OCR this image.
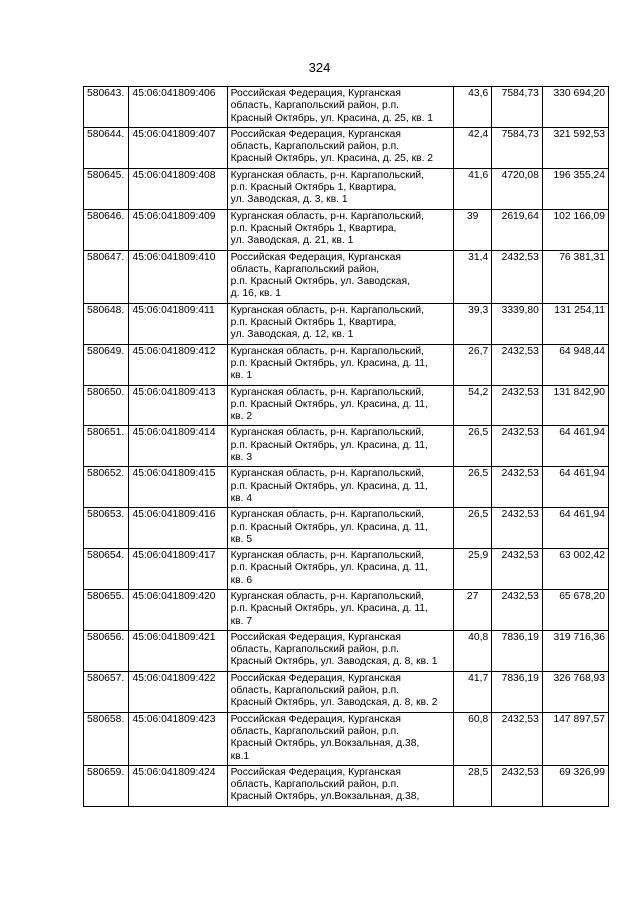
324
580643.	45:06:041809:406	Российская Федерация, Курганская
область, Каргапольский район, р.п.
Красный Октябрь, ул. Красина, д. 25, кв. 1	43,6	7584,73	330 694,20
580644.	45:06:041809:407	Российская Федерация, Курганская
область, Каргапольский район, р.п.
Красный Октябрь, ул. Красина, д. 25, кв. 2	42,4	7584,73	321 592,53
580645.	45:06:041809:408	Курганская область, р-н. Каргапольский,
р.п. Красный Октябрь 1, Квартира,
ул. Заводская, д. 3, кв. 1	41,6	4720,08	196 355,24
580646.	45:06:041809:409	Курганская область, р-н. Каргапольский,
р.п. Красный Октябрь 1, Квартира,
ул. Заводская, д. 21, кв. 1	39	2619,64	102 166,09
580647.	45:06:041809:410	Российская Федерация, Курганская
область, Каргапольский район,
р.п. Красный Октябрь, ул. Заводская,
д. 16, кв. 1	31,4	2432,53	76 381,31
580648.	45:06:041809:411	Курганская область, р-н. Каргапольский,
р.п. Красный Октябрь 1, Квартира,
ул. Заводская, д. 12, кв. 1	39,3	3339,80	131 254,11
580649.	45:06:041809:412	Курганская область, р-н. Каргапольский,
р.п. Красный Октябрь, ул. Красина, д. 11,
кв. 1	26,7	2432,53	64 948,44
580650.	45:06:041809:413	Курганская область, р-н. Каргапольский,
р.п. Красный Октябрь, ул. Красина, д. 11,
кв. 2	54,2	2432,53	131 842,90
580651.	45:06:041809:414	Курганская область, р-н. Каргапольский,
р.п. Красный Октябрь, ул. Красина, д. 11,
кв. 3	26,5	2432,53	64 461,94
580652.	45:06:041809:415	Курганская область, р-н. Каргапольский,
р.п. Красный Октябрь, ул. Красина, д. 11,
кв. 4	26,5	2432,53	64 461,94
580653.	45:06:041809:416	Курганская область, р-н. Каргапольский,
р.п. Красный Октябрь, ул. Красина, д. 11,
кв. 5	26,5	2432,53	64 461,94
580654.	45:06:041809:417	Курганская область, р-н. Каргапольский,
р.п. Красный Октябрь, ул. Красина, д. 11,
кв. 6	25,9	2432,53	63 002,42
580655.	45:06:041809:420	Курганская область, р-н. Каргапольский,
р.п. Красный Октябрь, ул. Красина, д. 11,
кв. 7	27	2432,53	65 678,20
580656.	45:06:041809:421	Российская Федерация, Курганская
область, Каргапольский район, р.п.
Красный Октябрь, ул. Заводская, д. 8, кв. 1	40,8	7836,19	319 716,36
580657.	45:06:041809:422	Российская Федерация, Курганская
область, Каргапольский район, р.п.
Красный Октябрь, ул. Заводская, д. 8, кв. 2	41,7	7836,19	326 768,93
580658.	45:06:041809:423	Российская Федерация, Курганская
область, Каргапольский район, р.п.
Красный Октябрь, ул.Вокзальная, д.38,
кв.1	60,8	2432,53	147 897,57
580659.	45:06:041809:424	Российская Федерация, Курганская
область, Каргапольский район, р.п.
Красный Октябрь, ул.Вокзальная, д.38,	28,5	2432,53	69 326,99
